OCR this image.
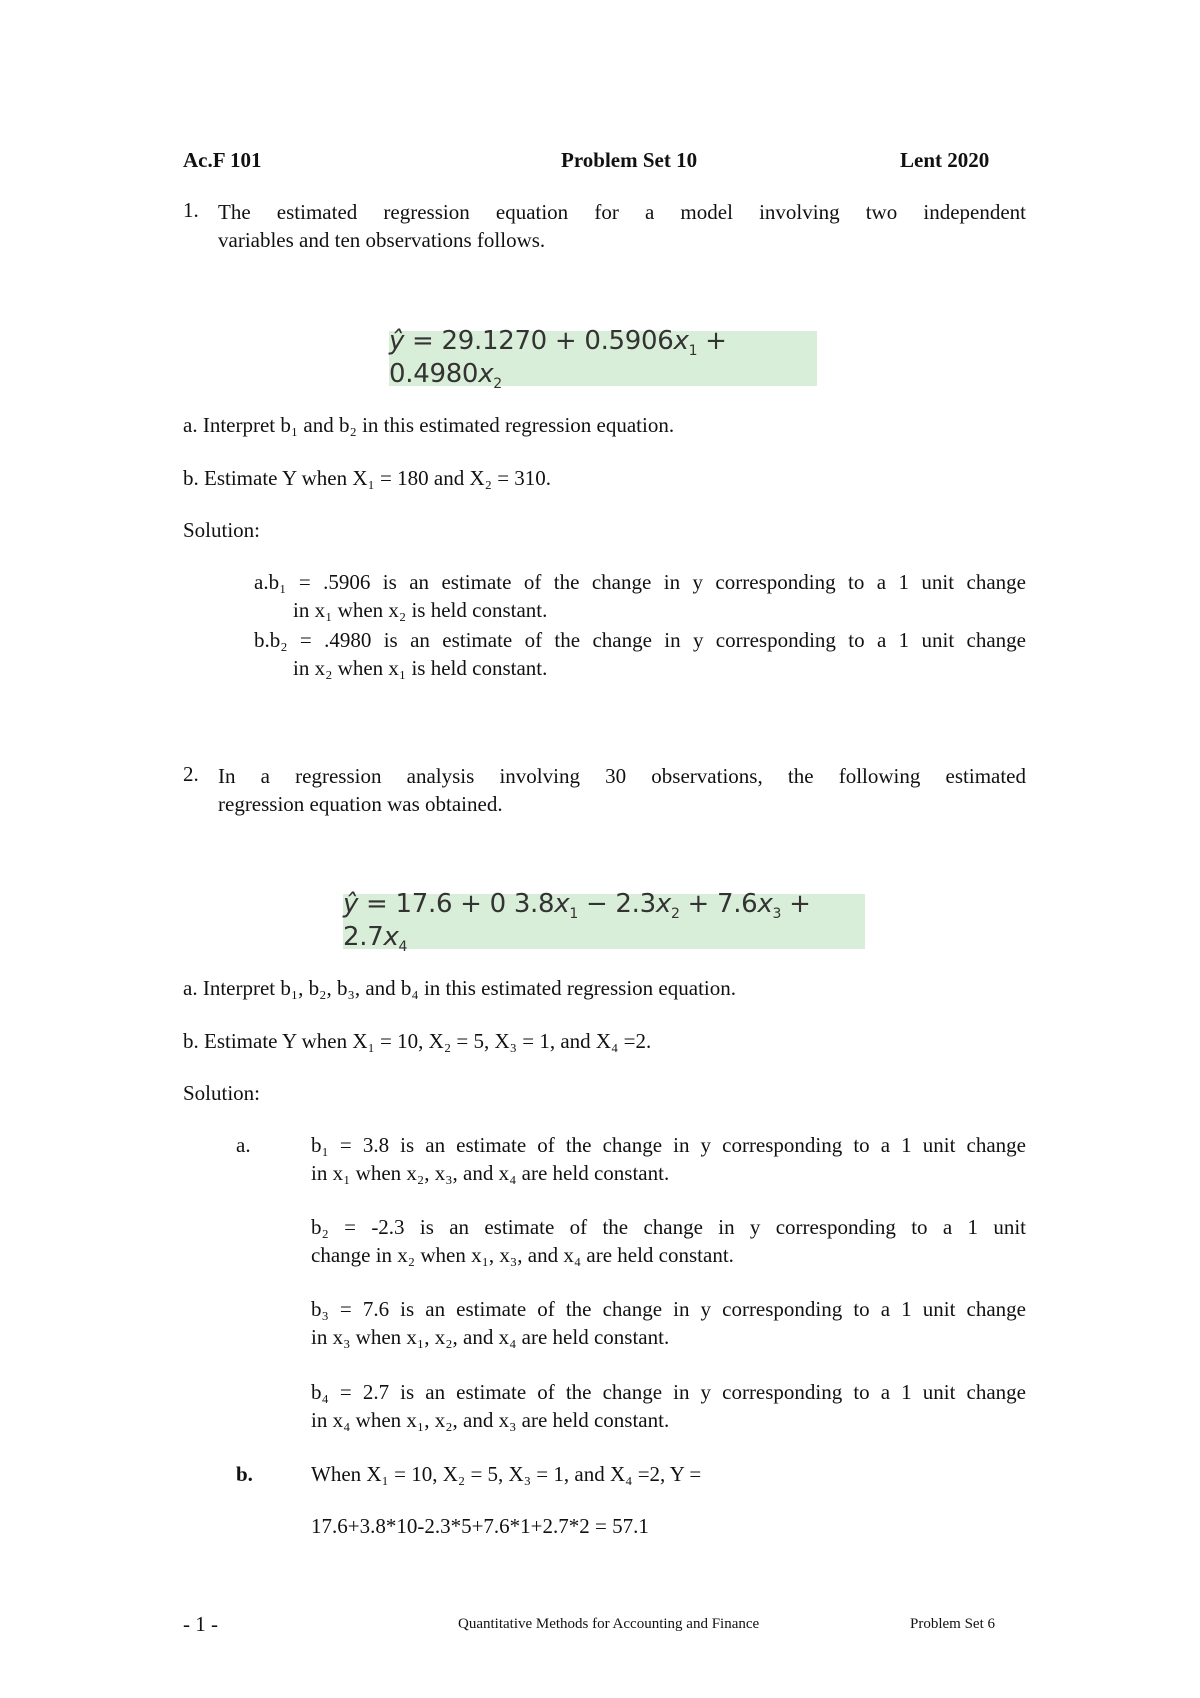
Ac.F 101	Problem Set 10	Lent 2020
1. The estimated regression equation for a model involving two independent
variables and ten observations follows.
ŷ = $29.1270 + 0.5906x_1 + 0.4980x_2$
a. Interpret b₁ and b₂ in this estimated regression equation.
b. Estimate Y when X₁ = 180 and X₂ = 310.
Solution:
a.b₁ = .5906 is an estimate of the change in y corresponding to a 1 unit change
in x₁ when x₂ is held constant.
b.b₂ = .4980 is an estimate of the change in y corresponding to a 1 unit change
in x₂ when x₁ is held constant.
2. In a regression analysis involving 30 observations, the following estimated
regression equation was obtained.
ŷ = 17.6 + 0 $3.8x_1 - 2.3x_2 + 7.6x_3 + 2.7x_4$
a. Interpret b₁, b₂, b₃, and b₄ in this estimated regression equation.
b. Estimate Y when X₁ = 10, X₂ = 5, X₃ = 1, and X₄ =2.
Solution:
a.	b₁ = 3.8 is an estimate of the change in y corresponding to a 1 unit change
in x₁ when x₂, x₃, and x₄ are held constant.
b₂ = -2.3 is an estimate of the change in y corresponding to a 1 unit
change in x₂ when x₁, x₃, and x₄ are held constant.
b₃ = 7.6 is an estimate of the change in y corresponding to a 1 unit change
in x₃ when x₁, x₂, and x₄ are held constant.
b₄ = 2.7 is an estimate of the change in y corresponding to a 1 unit change
in x₄ when x₁, x₂, and x₃ are held constant.
b.	When X₁ = 10, X₂ = 5, X₃ = 1, and X₄ =2, Y =
17.6+3.8*10-2.3*5+7.6*1+2.7*2 = 57.1
- 1 -	Quantitative Methods for Accounting and Finance	Problem Set 6
